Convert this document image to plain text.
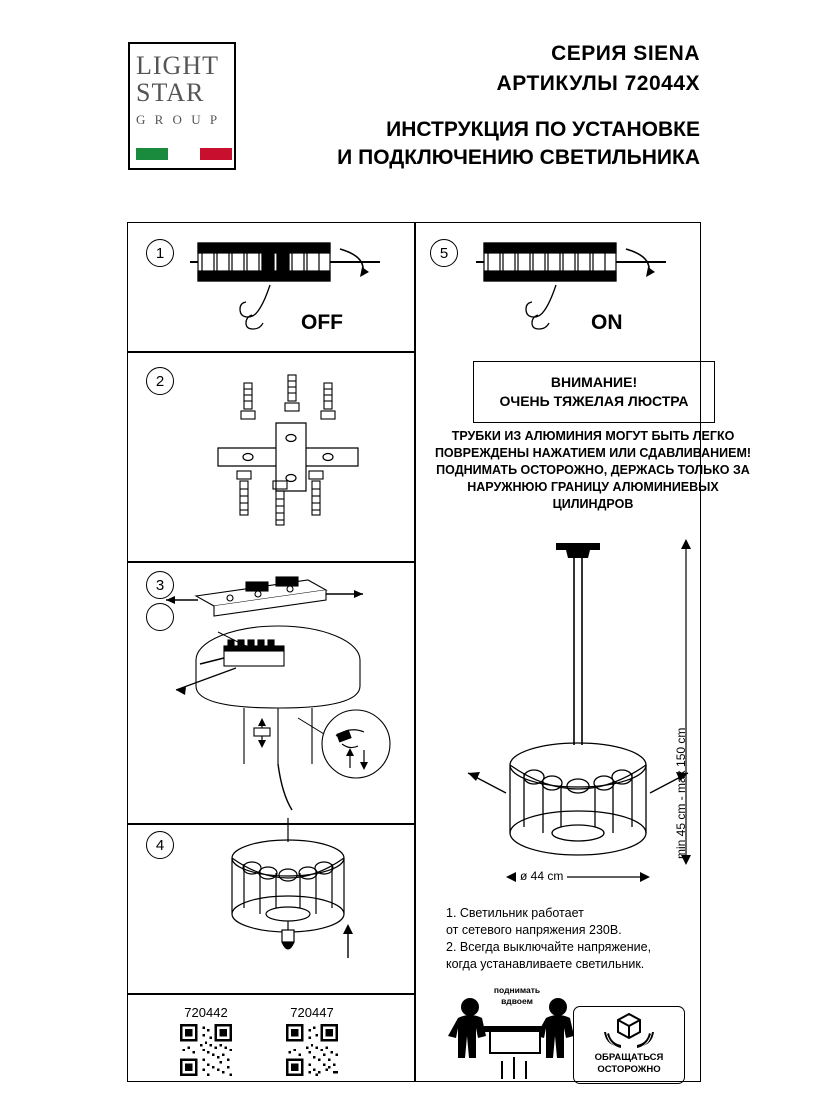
LIGHT
STAR
G R O U P
СЕРИЯ SIENA
АРТИКУЛЫ 72044X
ИНСТРУКЦИЯ ПО УСТАНОВКЕ
И ПОДКЛЮЧЕНИЮ СВЕТИЛЬНИКА
1
OFF
5
ON
2
3
4
720442	720447
ВНИМАНИЕ!
ОЧЕНЬ ТЯЖЕЛАЯ ЛЮСТРА
ТРУБКИ ИЗ АЛЮМИНИЯ МОГУТ БЫТЬ ЛЕГКО ПОВРЕЖДЕНЫ НАЖАТИЕМ ИЛИ СДАВЛИВАНИЕМ! ПОДНИМАТЬ ОСТОРОЖНО, ДЕРЖАСЬ ТОЛЬКО ЗА НАРУЖНЮЮ ГРАНИЦУ АЛЮМИНИЕВЫХ ЦИЛИНДРОВ
min 45 cm - max 150 cm
ø 44 cm
1. Светильник работает
от сетевого напряжения 230В.
2. Всегда выключайте напряжение,
когда устанавливаете светильник.
поднимать
вдвоем
ОБРАЩАТЬСЯ
ОСТОРОЖНО
